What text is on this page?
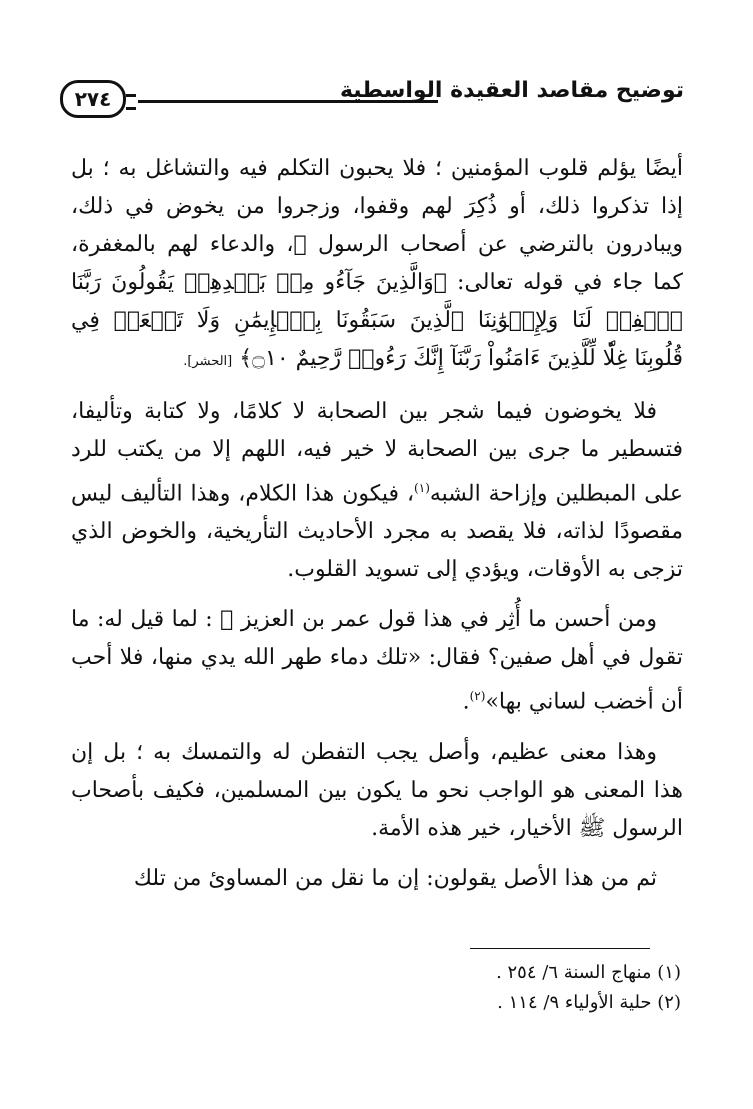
توضيح مقاصد العقيدة الواسطية
٢٧٤

أيضًا يؤلم قلوب المؤمنين ؛ فلا يحبون التكلم فيه والتشاغل به ؛ بل إذا تذكروا ذلك، أو ذُكِرَ لهم وقفوا، وزجروا من يخوض في ذلك، ويبادرون بالترضي عن أصحاب الرسول ﷺ، والدعاء لهم بالمغفرة، كما جاء في قوله تعالى: ﴿وَالَّذِينَ جَآءُو مِنۢ بَعۡدِهِمۡ يَقُولُونَ رَبَّنَا ٱغۡفِرۡ لَنَا وَلِإِخۡوَٰنِنَا ٱلَّذِينَ سَبَقُونَا بِٱلۡإِيمَٰنِ وَلَا تَجۡعَلۡ فِي قُلُوبِنَا غِلّٗا لِّلَّذِينَ ءَامَنُواْ رَبَّنَآ إِنَّكَ رَءُوفٞ رَّحِيمٌ ۝١٠﴾ [الحشر].

فلا يخوضون فيما شجر بين الصحابة لا كلامًا، ولا كتابة وتأليفا، فتسطير ما جرى بين الصحابة لا خير فيه، اللهم إلا من يكتب للرد على المبطلين وإزاحة الشبه$^{(١)}$، فيكون هذا الكلام، وهذا التأليف ليس مقصودًا لذاته، فلا يقصد به مجرد الأحاديث التأريخية، والخوض الذي تزجى به الأوقات، ويؤدي إلى تسويد القلوب.

ومن أحسن ما أُثِر في هذا قول عمر بن العزيز ﷬ : لما قيل له: ما تقول في أهل صفين؟ فقال: «تلك دماء طهر الله يدي منها، فلا أحب أن أخضب لساني بها»$^{(٢)}$.

وهذا معنى عظيم، وأصل يجب التفطن له والتمسك به ؛ بل إن هذا المعنى هو الواجب نحو ما يكون بين المسلمين، فكيف بأصحاب الرسول ﷺ الأخيار، خير هذه الأمة.

ثم من هذا الأصل يقولون: إن ما نقل من المساوئ من تلك

(١) منهاج السنة ٦/ ٢٥٤ .
(٢) حلية الأولياء ٩/ ١١٤ .
